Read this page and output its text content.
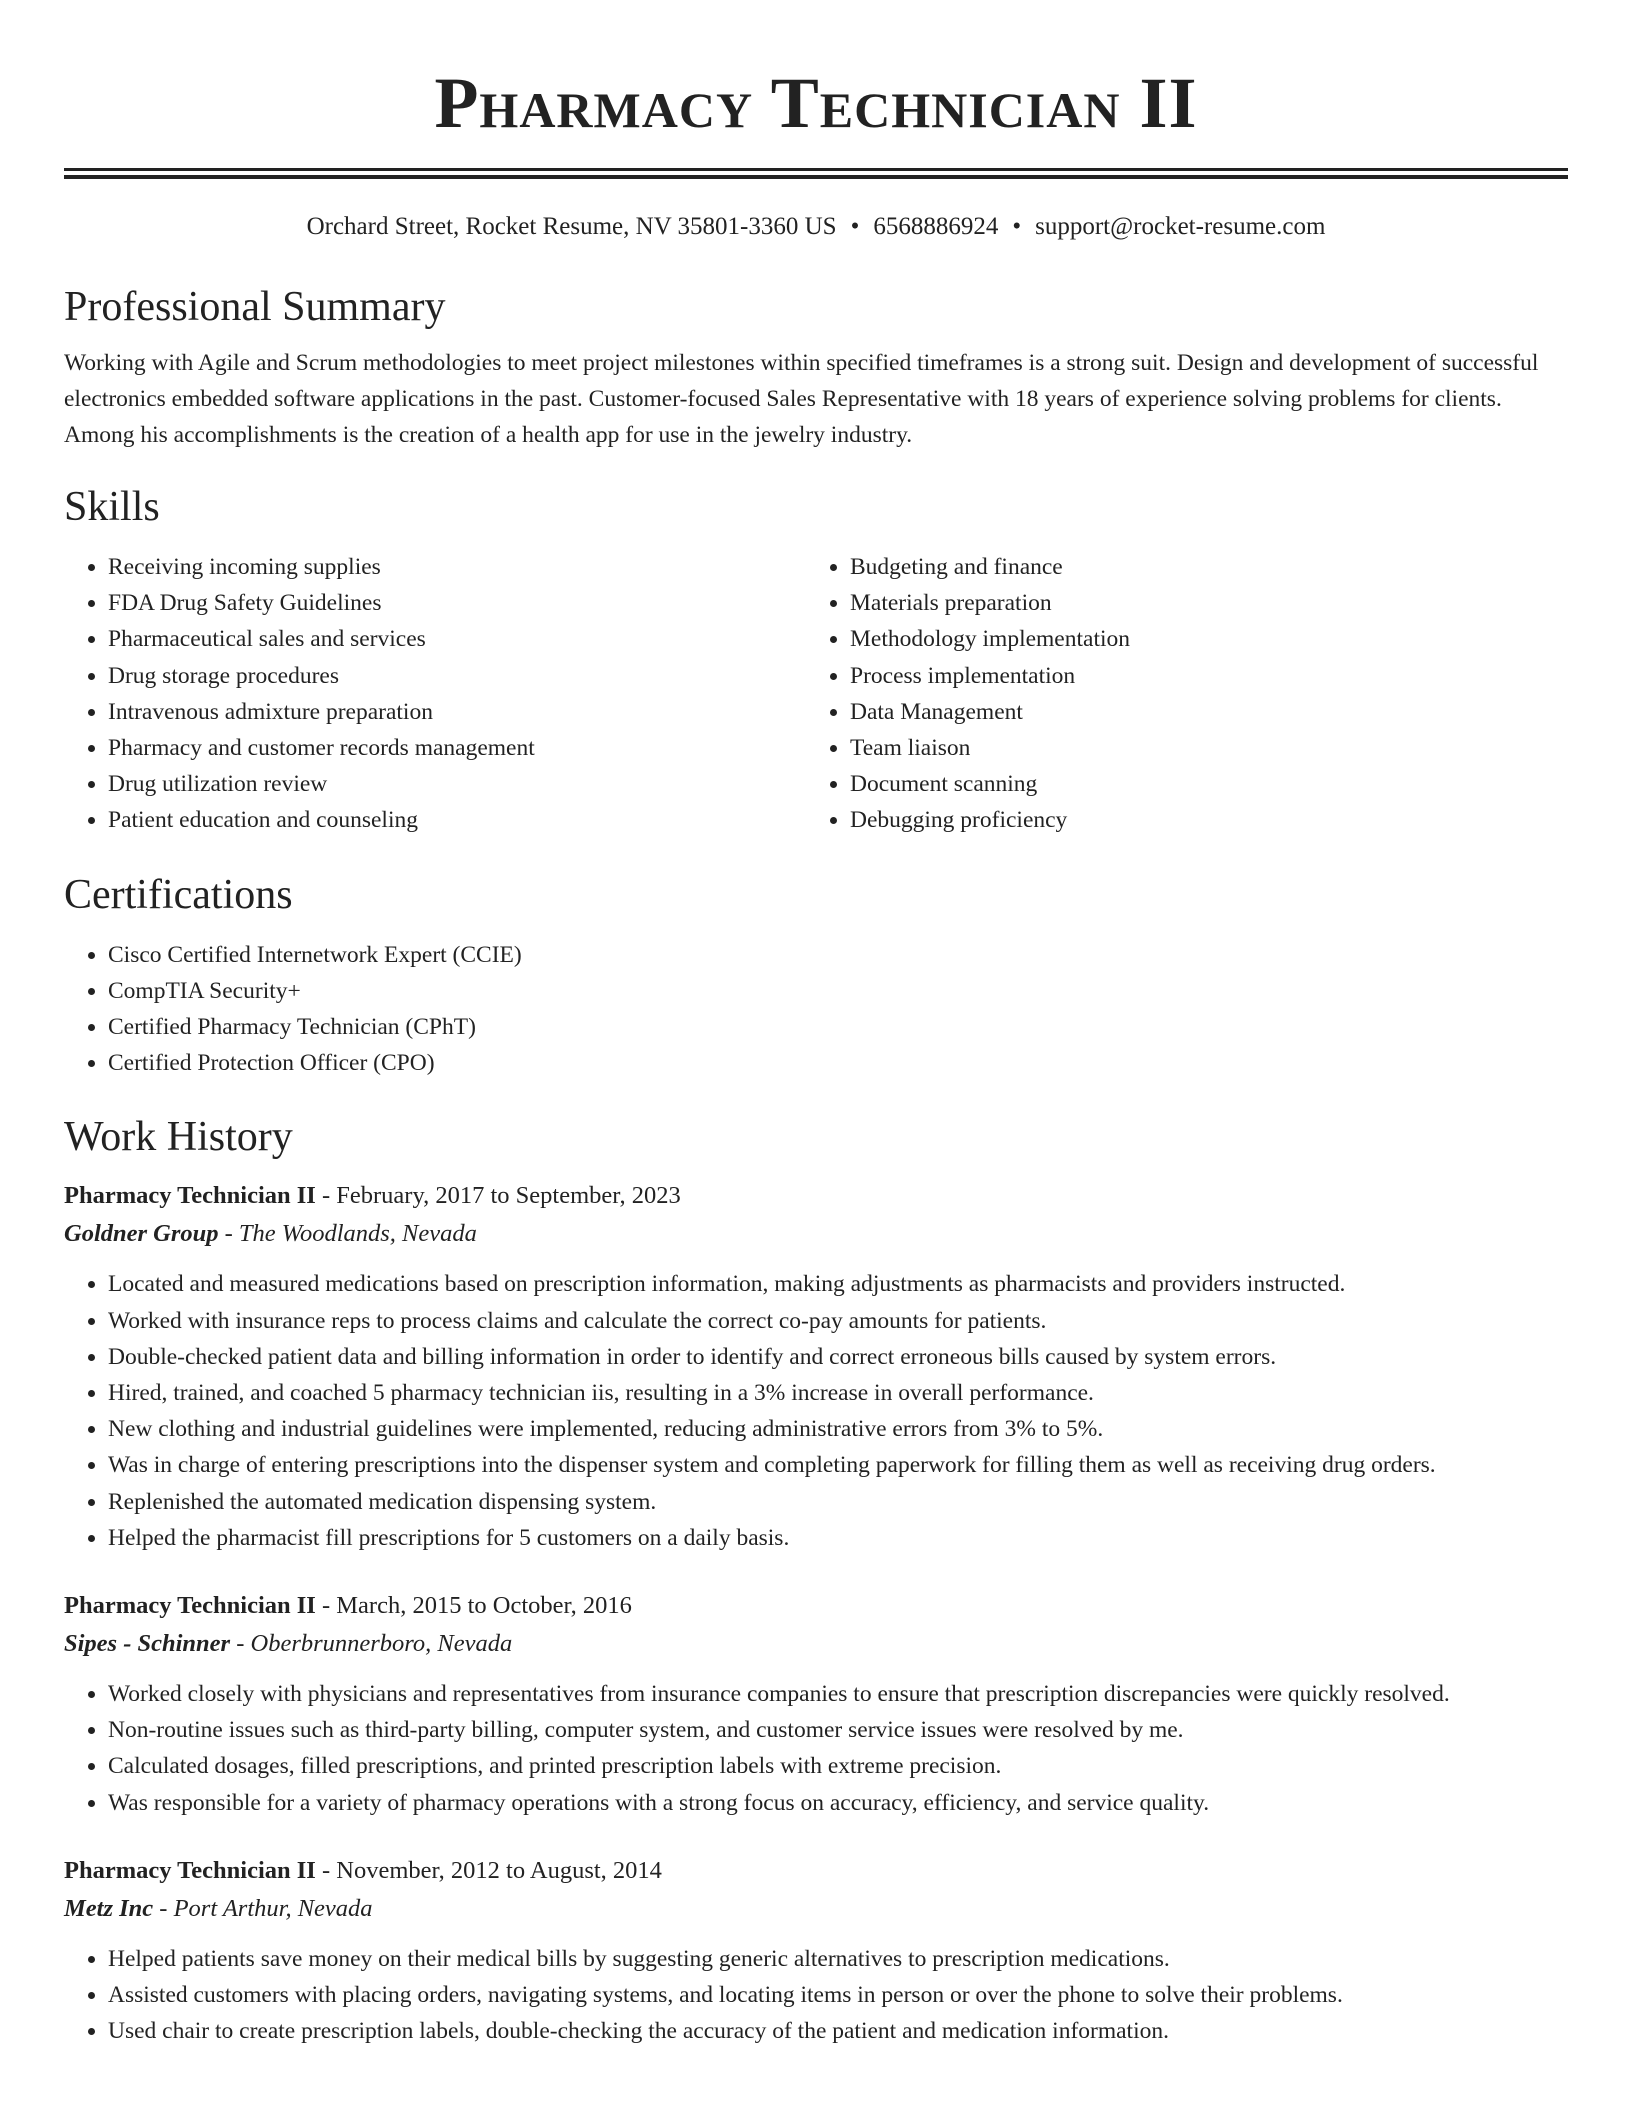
Pharmacy Technician II
Orchard Street, Rocket Resume, NV 35801-3360 US • 6568886924 • support@rocket-resume.com
Professional Summary

Working with Agile and Scrum methodologies to meet project milestones within specified timeframes is a strong suit. Design and development of successful electronics embedded software applications in the past. Customer-focused Sales Representative with 18 years of experience solving problems for clients. Among his accomplishments is the creation of a health app for use in the jewelry industry.

Skills
• Receiving incoming supplies
• FDA Drug Safety Guidelines
• Pharmaceutical sales and services
• Drug storage procedures
• Intravenous admixture preparation
• Pharmacy and customer records management
• Drug utilization review
• Patient education and counseling
• Budgeting and finance
• Materials preparation
• Methodology implementation
• Process implementation
• Data Management
• Team liaison
• Document scanning
• Debugging proficiency
Certifications
• Cisco Certified Internetwork Expert (CCIE)
• CompTIA Security+
• Certified Pharmacy Technician (CPhT)
• Certified Protection Officer (CPO)
Work History
Pharmacy Technician II - February, 2017 to September, 2023
Goldner Group - The Woodlands, Nevada
• Located and measured medications based on prescription information, making adjustments as pharmacists and providers instructed.
• Worked with insurance reps to process claims and calculate the correct co-pay amounts for patients.
• Double-checked patient data and billing information in order to identify and correct erroneous bills caused by system errors.
• Hired, trained, and coached 5 pharmacy technician iis, resulting in a 3% increase in overall performance.
• New clothing and industrial guidelines were implemented, reducing administrative errors from 3% to 5%.
• Was in charge of entering prescriptions into the dispenser system and completing paperwork for filling them as well as receiving drug orders.
• Replenished the automated medication dispensing system.
• Helped the pharmacist fill prescriptions for 5 customers on a daily basis.
Pharmacy Technician II - March, 2015 to October, 2016
Sipes - Schinner - Oberbrunnerboro, Nevada
• Worked closely with physicians and representatives from insurance companies to ensure that prescription discrepancies were quickly resolved.
• Non-routine issues such as third-party billing, computer system, and customer service issues were resolved by me.
• Calculated dosages, filled prescriptions, and printed prescription labels with extreme precision.
• Was responsible for a variety of pharmacy operations with a strong focus on accuracy, efficiency, and service quality.
Pharmacy Technician II - November, 2012 to August, 2014
Metz Inc - Port Arthur, Nevada
• Helped patients save money on their medical bills by suggesting generic alternatives to prescription medications.
• Assisted customers with placing orders, navigating systems, and locating items in person or over the phone to solve their problems.
• Used chair to create prescription labels, double-checking the accuracy of the patient and medication information.
